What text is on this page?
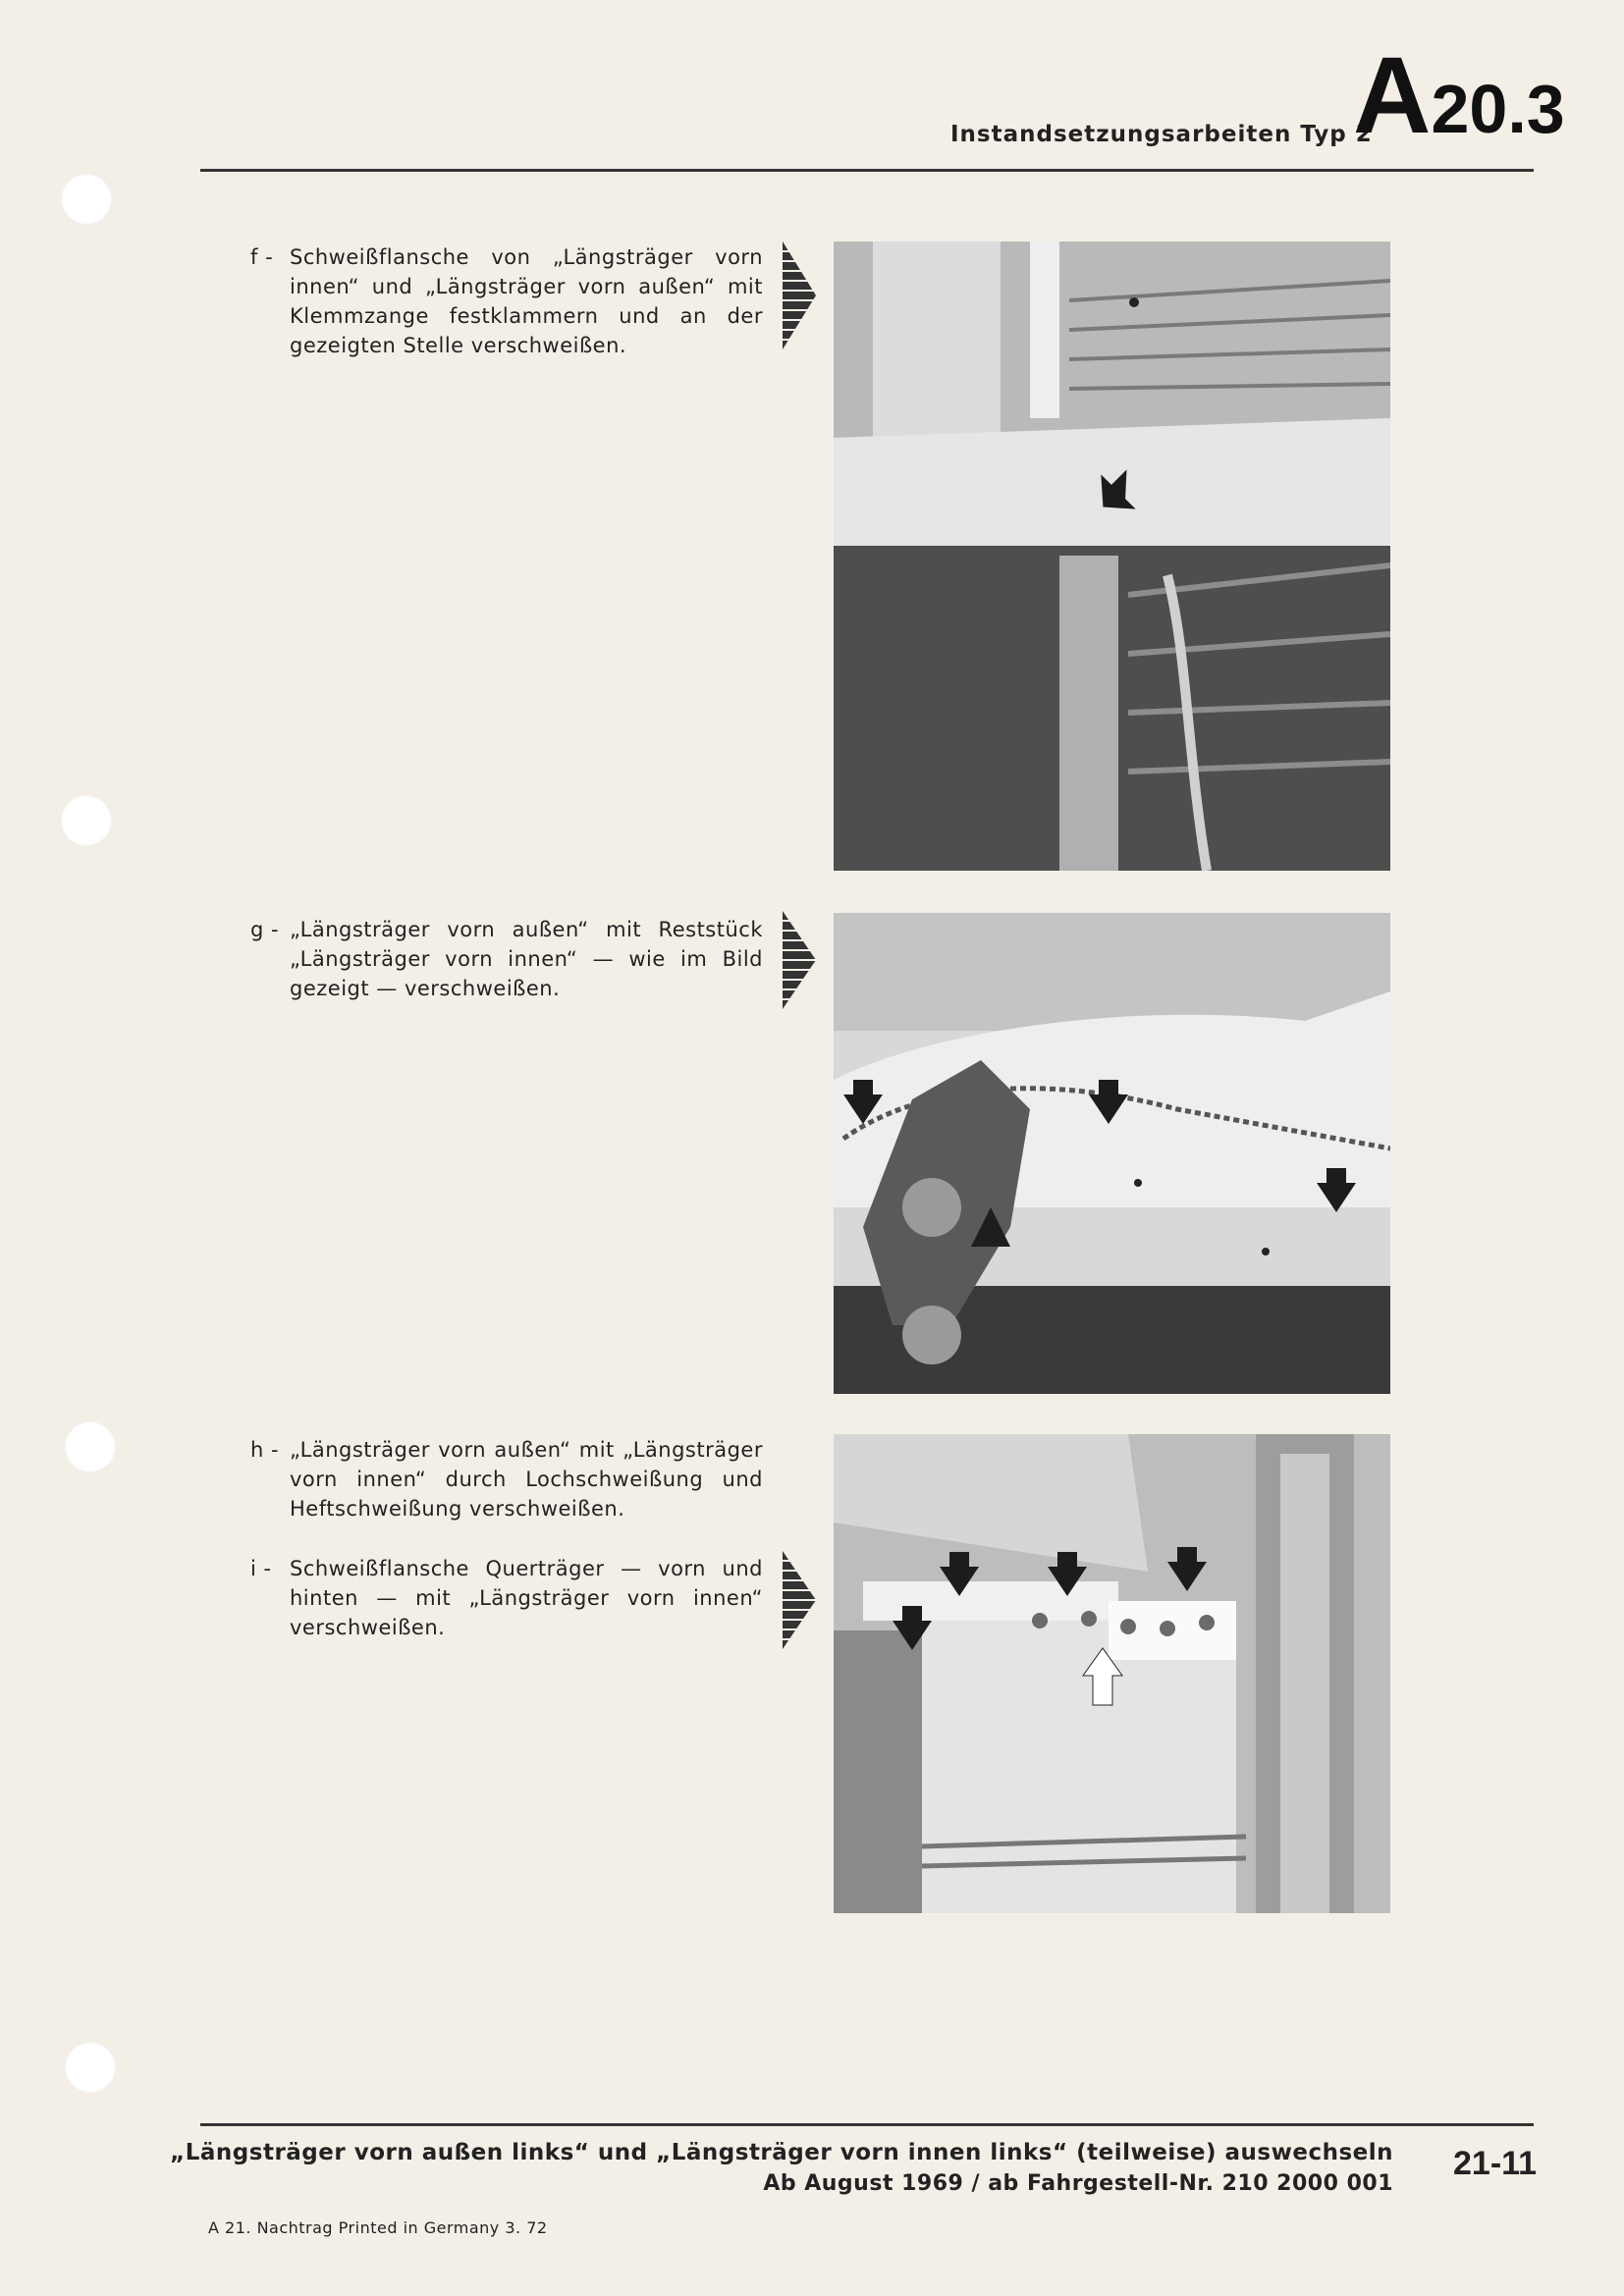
Instandsetzungsarbeiten Typ 2
A20.3
f - Schweißflansche von „Längsträger vorn innen“ und „Längsträger vorn außen“ mit Klemmzange festklammern und an der gezeigten Stelle verschweißen.
g - „Längsträger vorn außen“ mit Reststück „Längsträger vorn innen“ — wie im Bild gezeigt — verschweißen.
h - „Längsträger vorn außen“ mit „Längsträger vorn innen“ durch Lochschweißung und Heftschweißung verschweißen.
i - Schweißflansche Querträger — vorn und hinten — mit „Längsträger vorn innen“ verschweißen.
„Längsträger vorn außen links“ und „Längsträger vorn innen links“ (teilweise) auswechseln
Ab August 1969 / ab Fahrgestell-Nr. 210 2000 001
21-11
A 21. Nachtrag Printed in Germany 3. 72
